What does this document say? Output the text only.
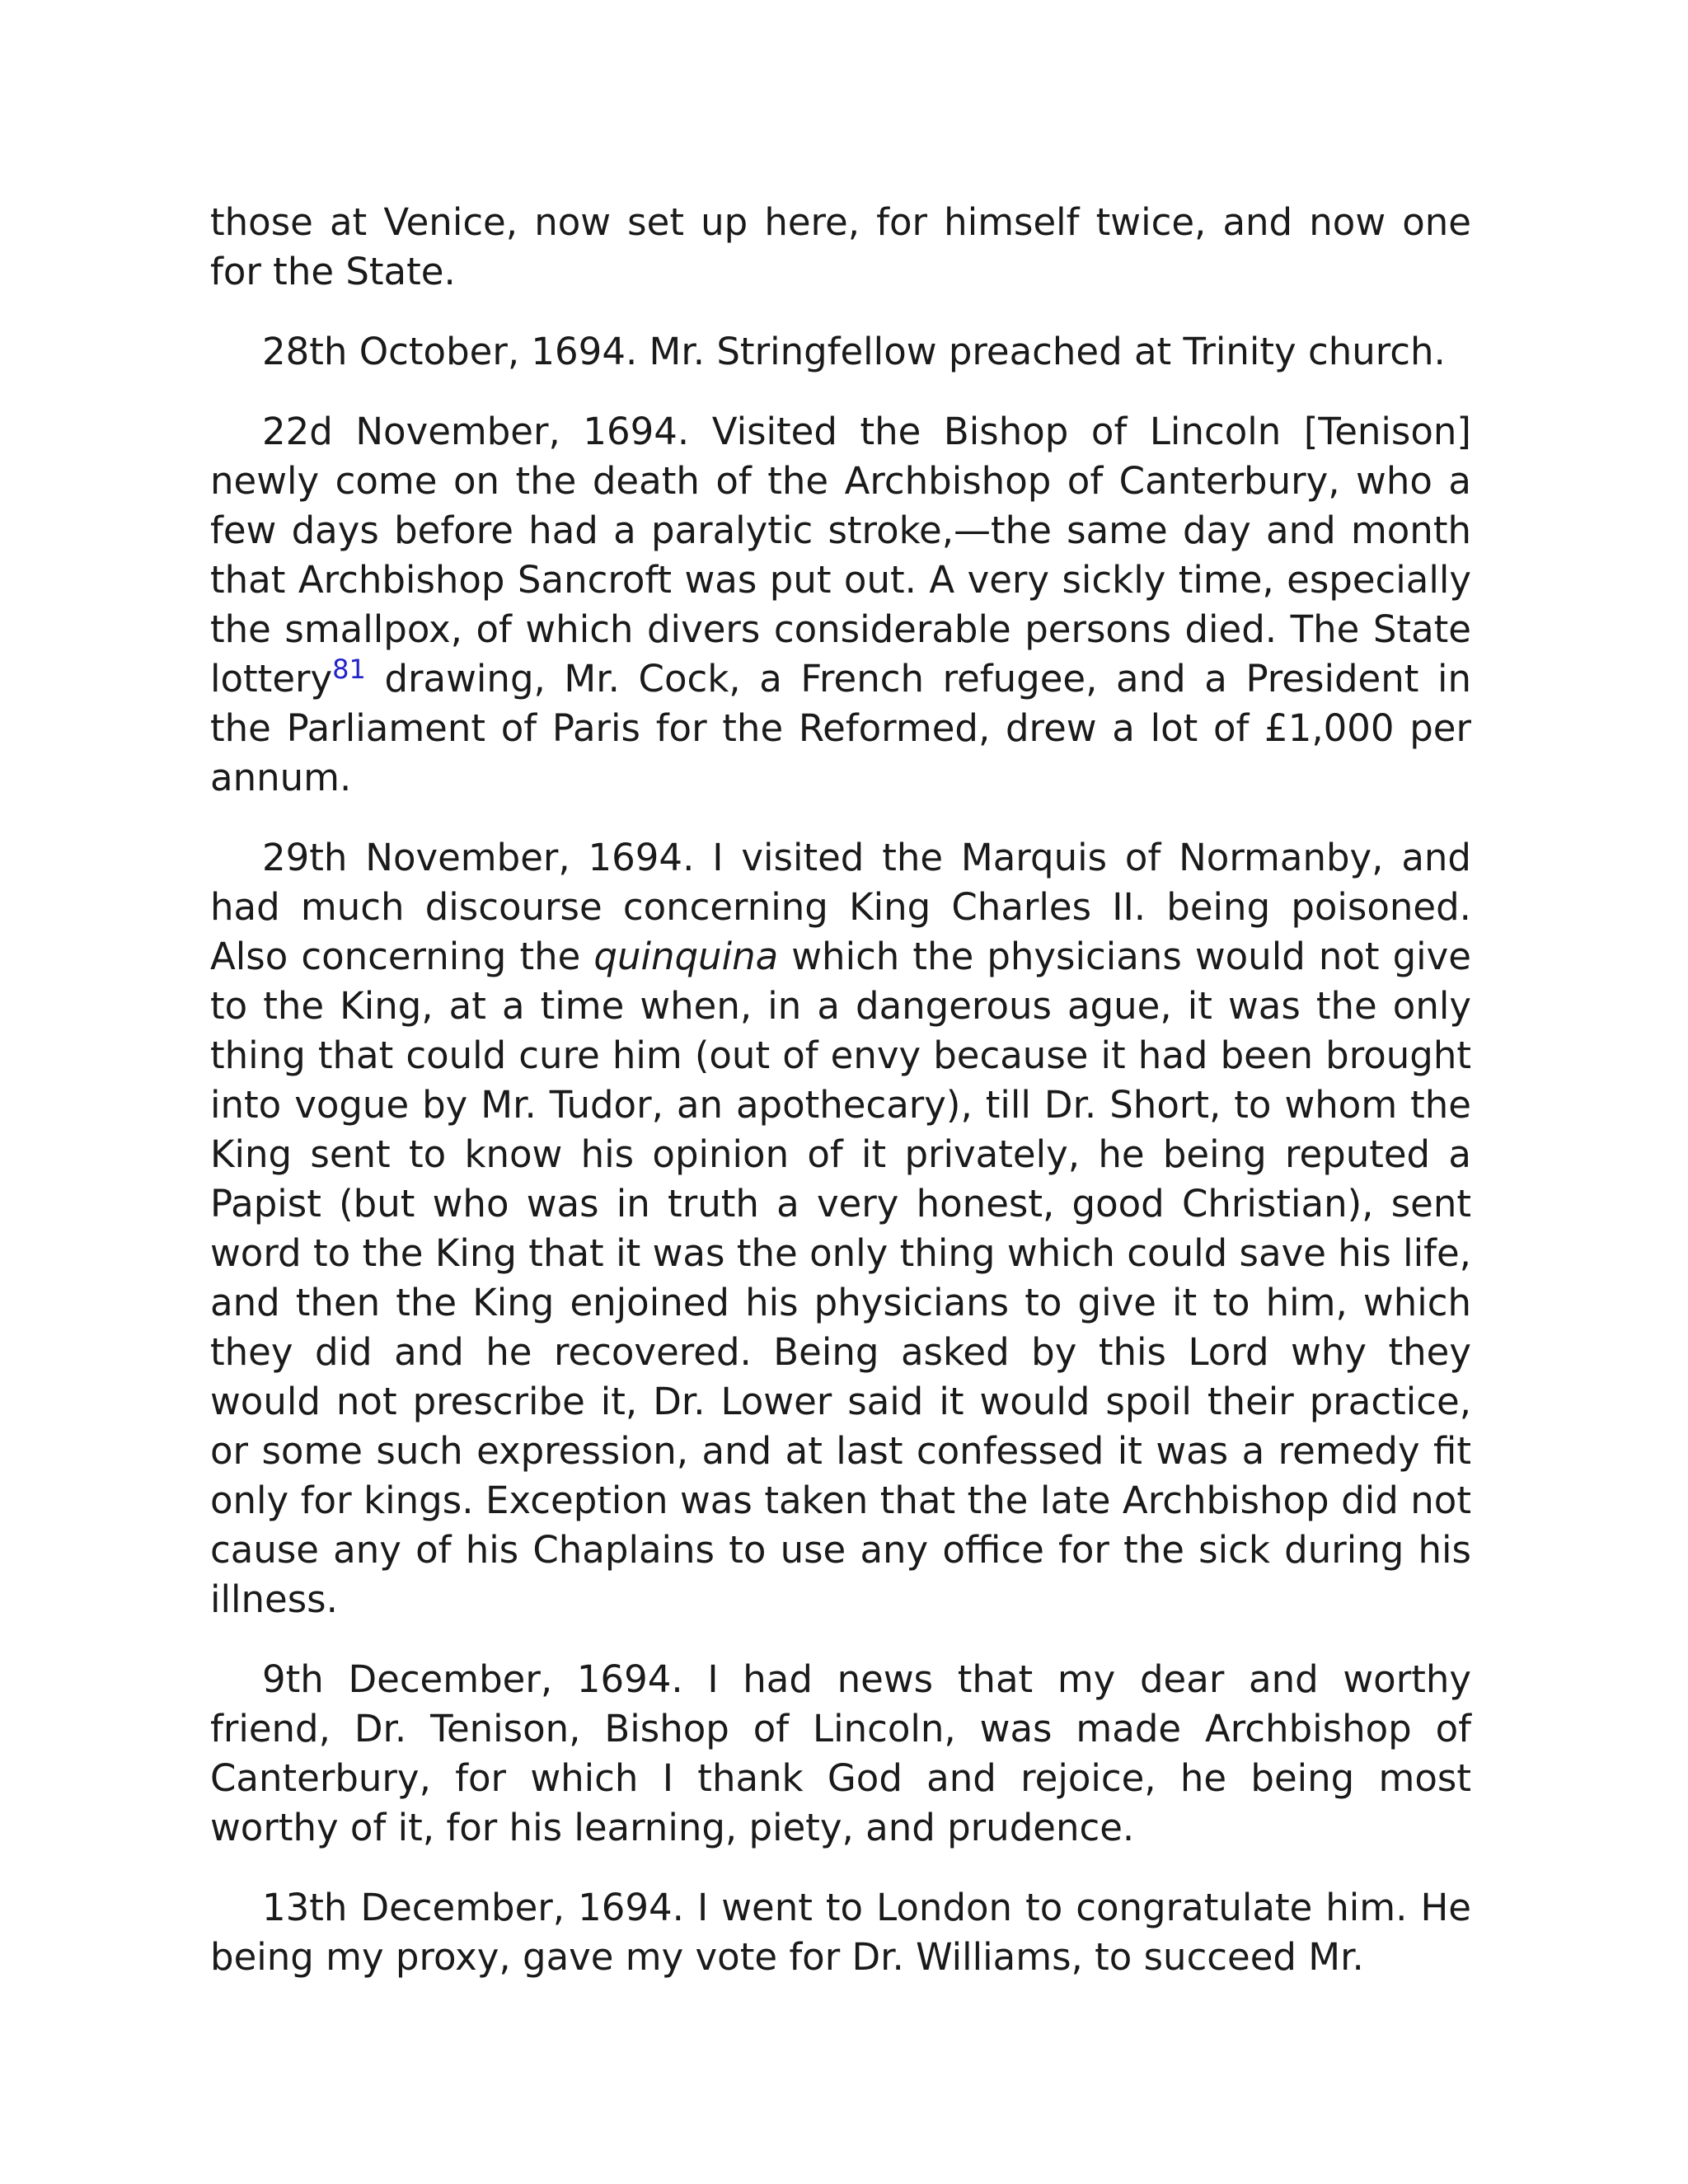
those at Venice, now set up here, for himself twice, and now one for the State.

28th October, 1694. Mr. Stringfellow preached at Trinity church.

22d November, 1694. Visited the Bishop of Lincoln [Tenison] newly come on the death of the Archbishop of Canterbury, who a few days before had a paralytic stroke,—the same day and month that Archbishop Sancroft was put out. A very sickly time, especially the smallpox, of which divers considerable persons died. The State lottery$^{81}$ drawing, Mr. Cock, a French refugee, and a President in the Parliament of Paris for the Reformed, drew a lot of £1,000 per annum.

29th November, 1694. I visited the Marquis of Normanby, and had much discourse concerning King Charles II. being poisoned. Also concerning the quinquina which the physicians would not give to the King, at a time when, in a dangerous ague, it was the only thing that could cure him (out of envy because it had been brought into vogue by Mr. Tudor, an apothecary), till Dr. Short, to whom the King sent to know his opinion of it privately, he being reputed a Papist (but who was in truth a very honest, good Christian), sent word to the King that it was the only thing which could save his life, and then the King enjoined his physicians to give it to him, which they did and he recovered. Being asked by this Lord why they would not prescribe it, Dr. Lower said it would spoil their practice, or some such expression, and at last confessed it was a remedy fit only for kings. Exception was taken that the late Archbishop did not cause any of his Chaplains to use any office for the sick during his illness.

9th December, 1694. I had news that my dear and worthy friend, Dr. Tenison, Bishop of Lincoln, was made Archbishop of Canterbury, for which I thank God and rejoice, he being most worthy of it, for his learning, piety, and prudence.

13th December, 1694. I went to London to congratulate him. He being my proxy, gave my vote for Dr. Williams, to succeed Mr.
